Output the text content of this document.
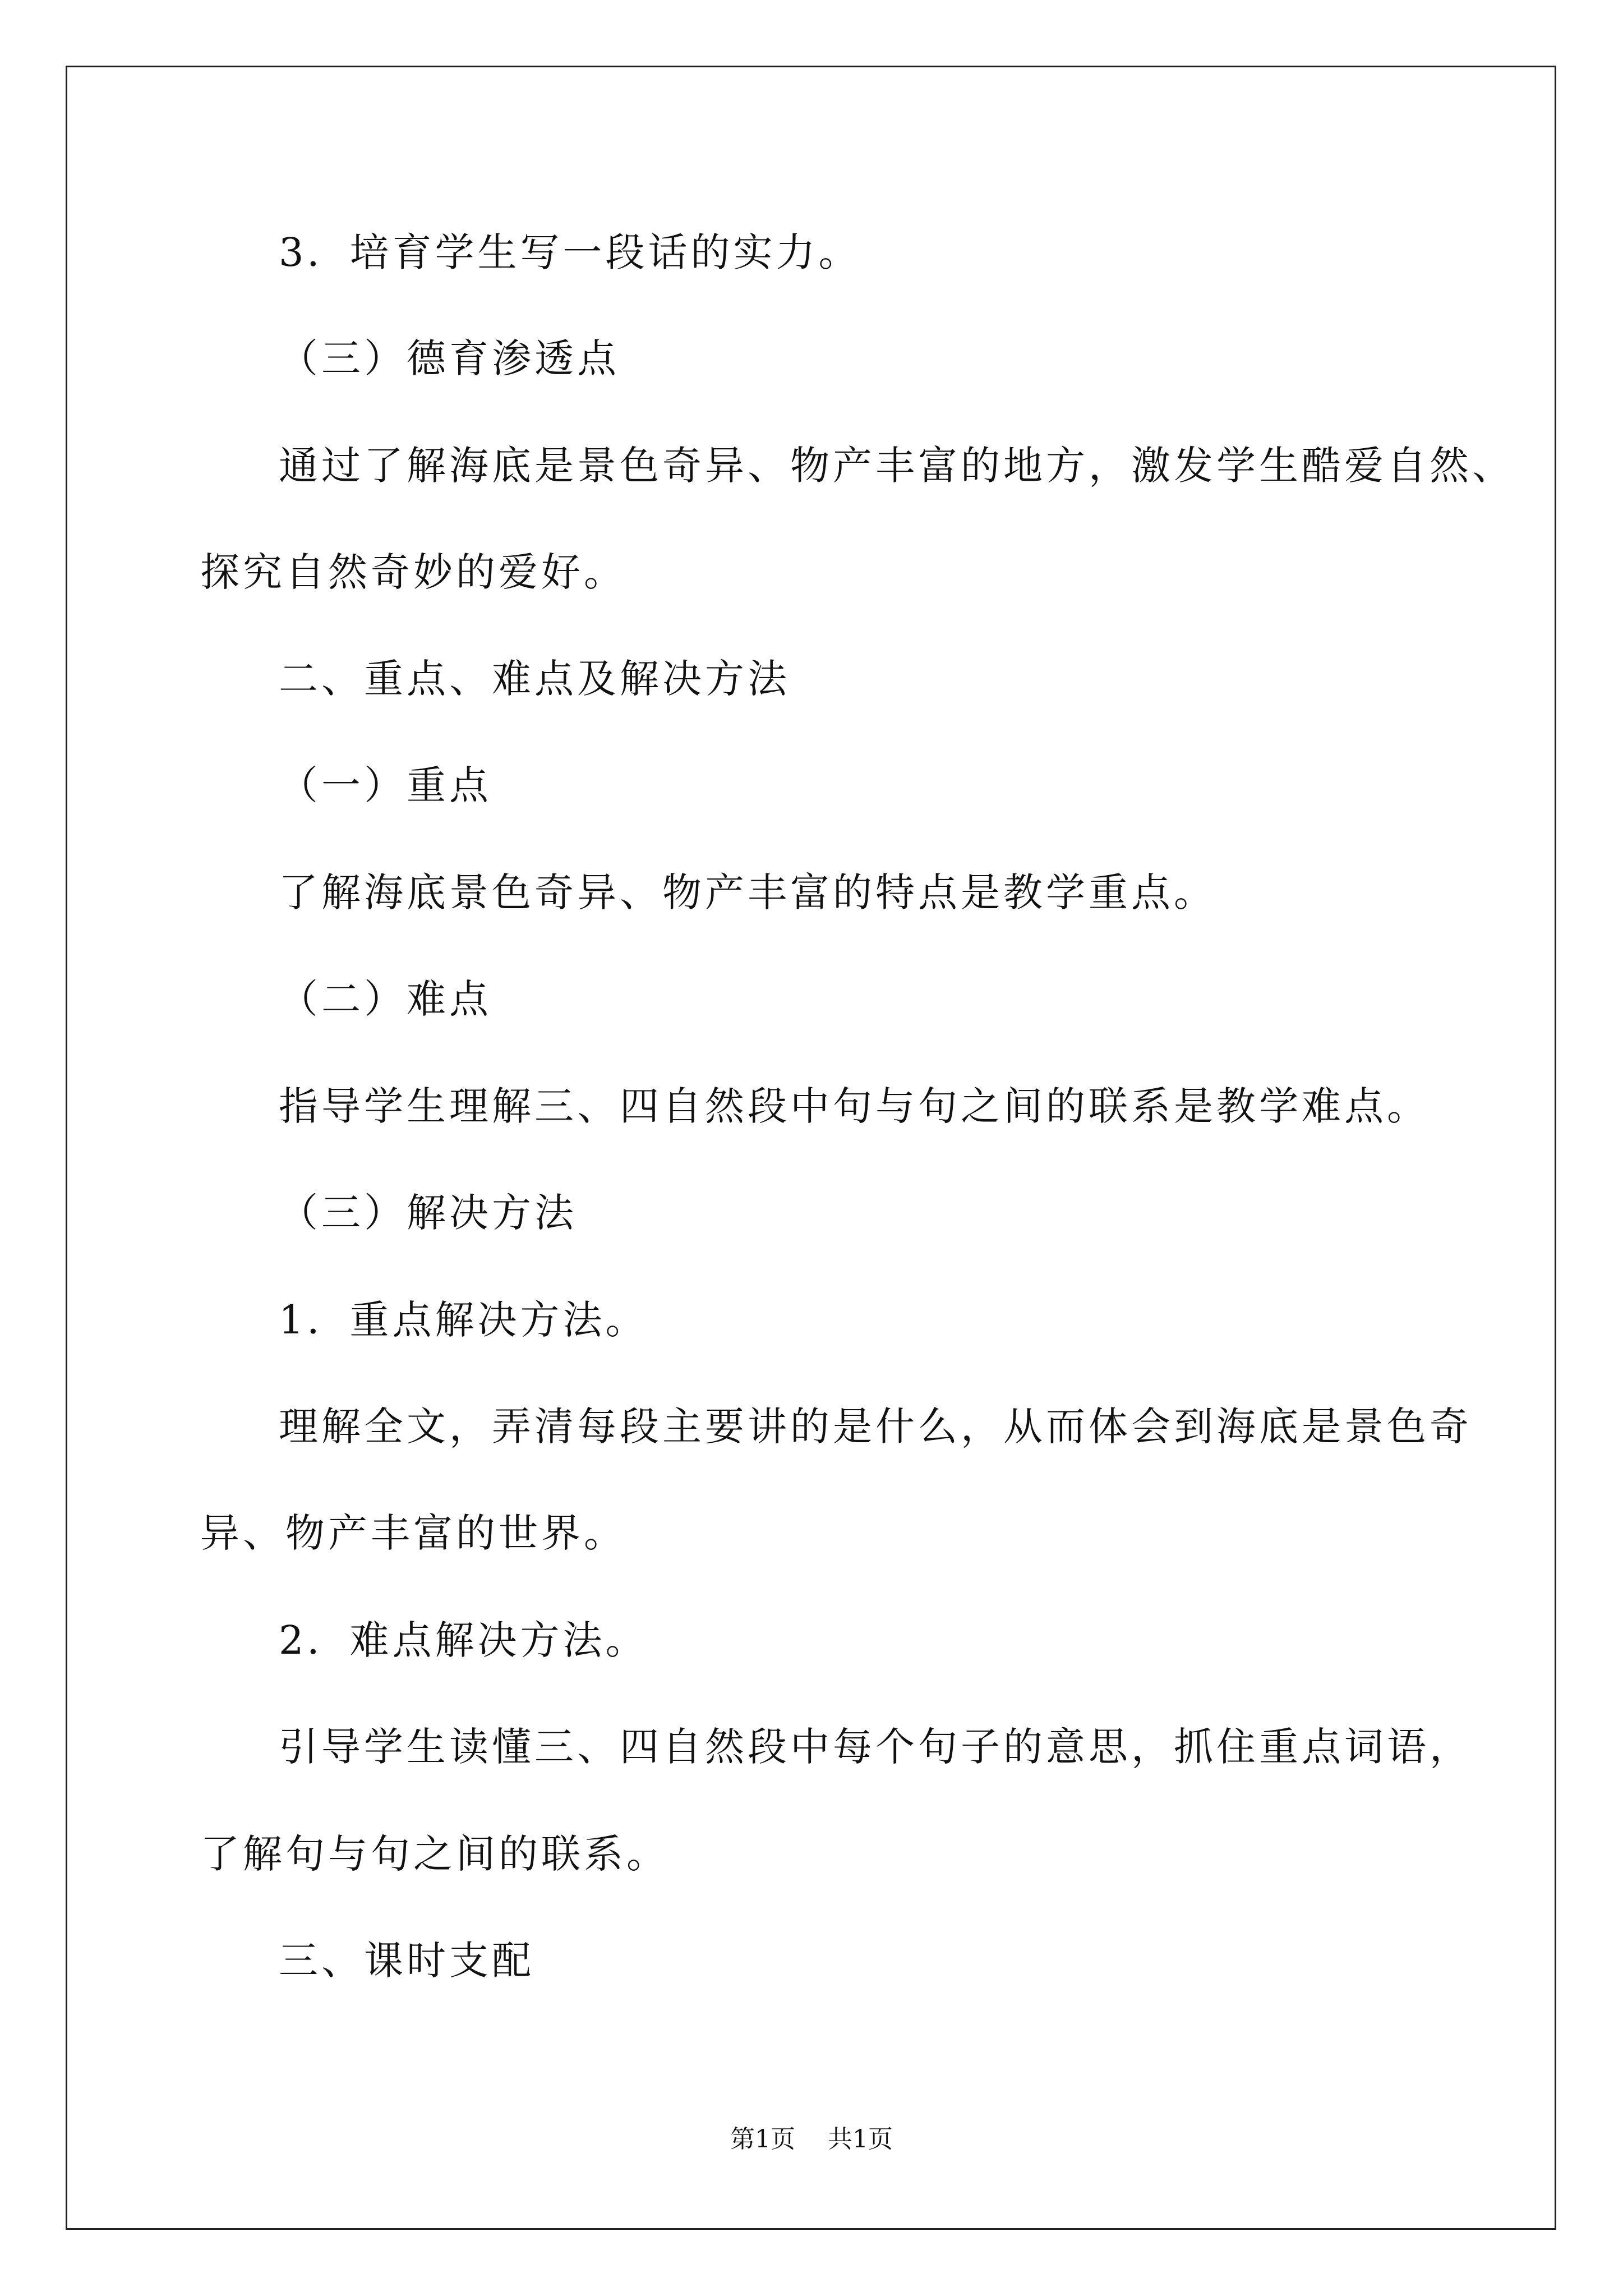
3．培育学生写一段话的实力。

（三）德育渗透点

通过了解海底是景色奇异、物产丰富的地方，激发学生酷爱自然、

探究自然奇妙的爱好。

二、重点、难点及解决方法

（一）重点

了解海底景色奇异、物产丰富的特点是教学重点。

（二）难点

指导学生理解三、四自然段中句与句之间的联系是教学难点。

（三）解决方法

1．重点解决方法。

理解全文，弄清每段主要讲的是什么，从而体会到海底是景色奇

异、物产丰富的世界。

2．难点解决方法。

引导学生读懂三、四自然段中每个句子的意思，抓住重点词语，

了解句与句之间的联系。

三、课时支配

第1页 共1页
